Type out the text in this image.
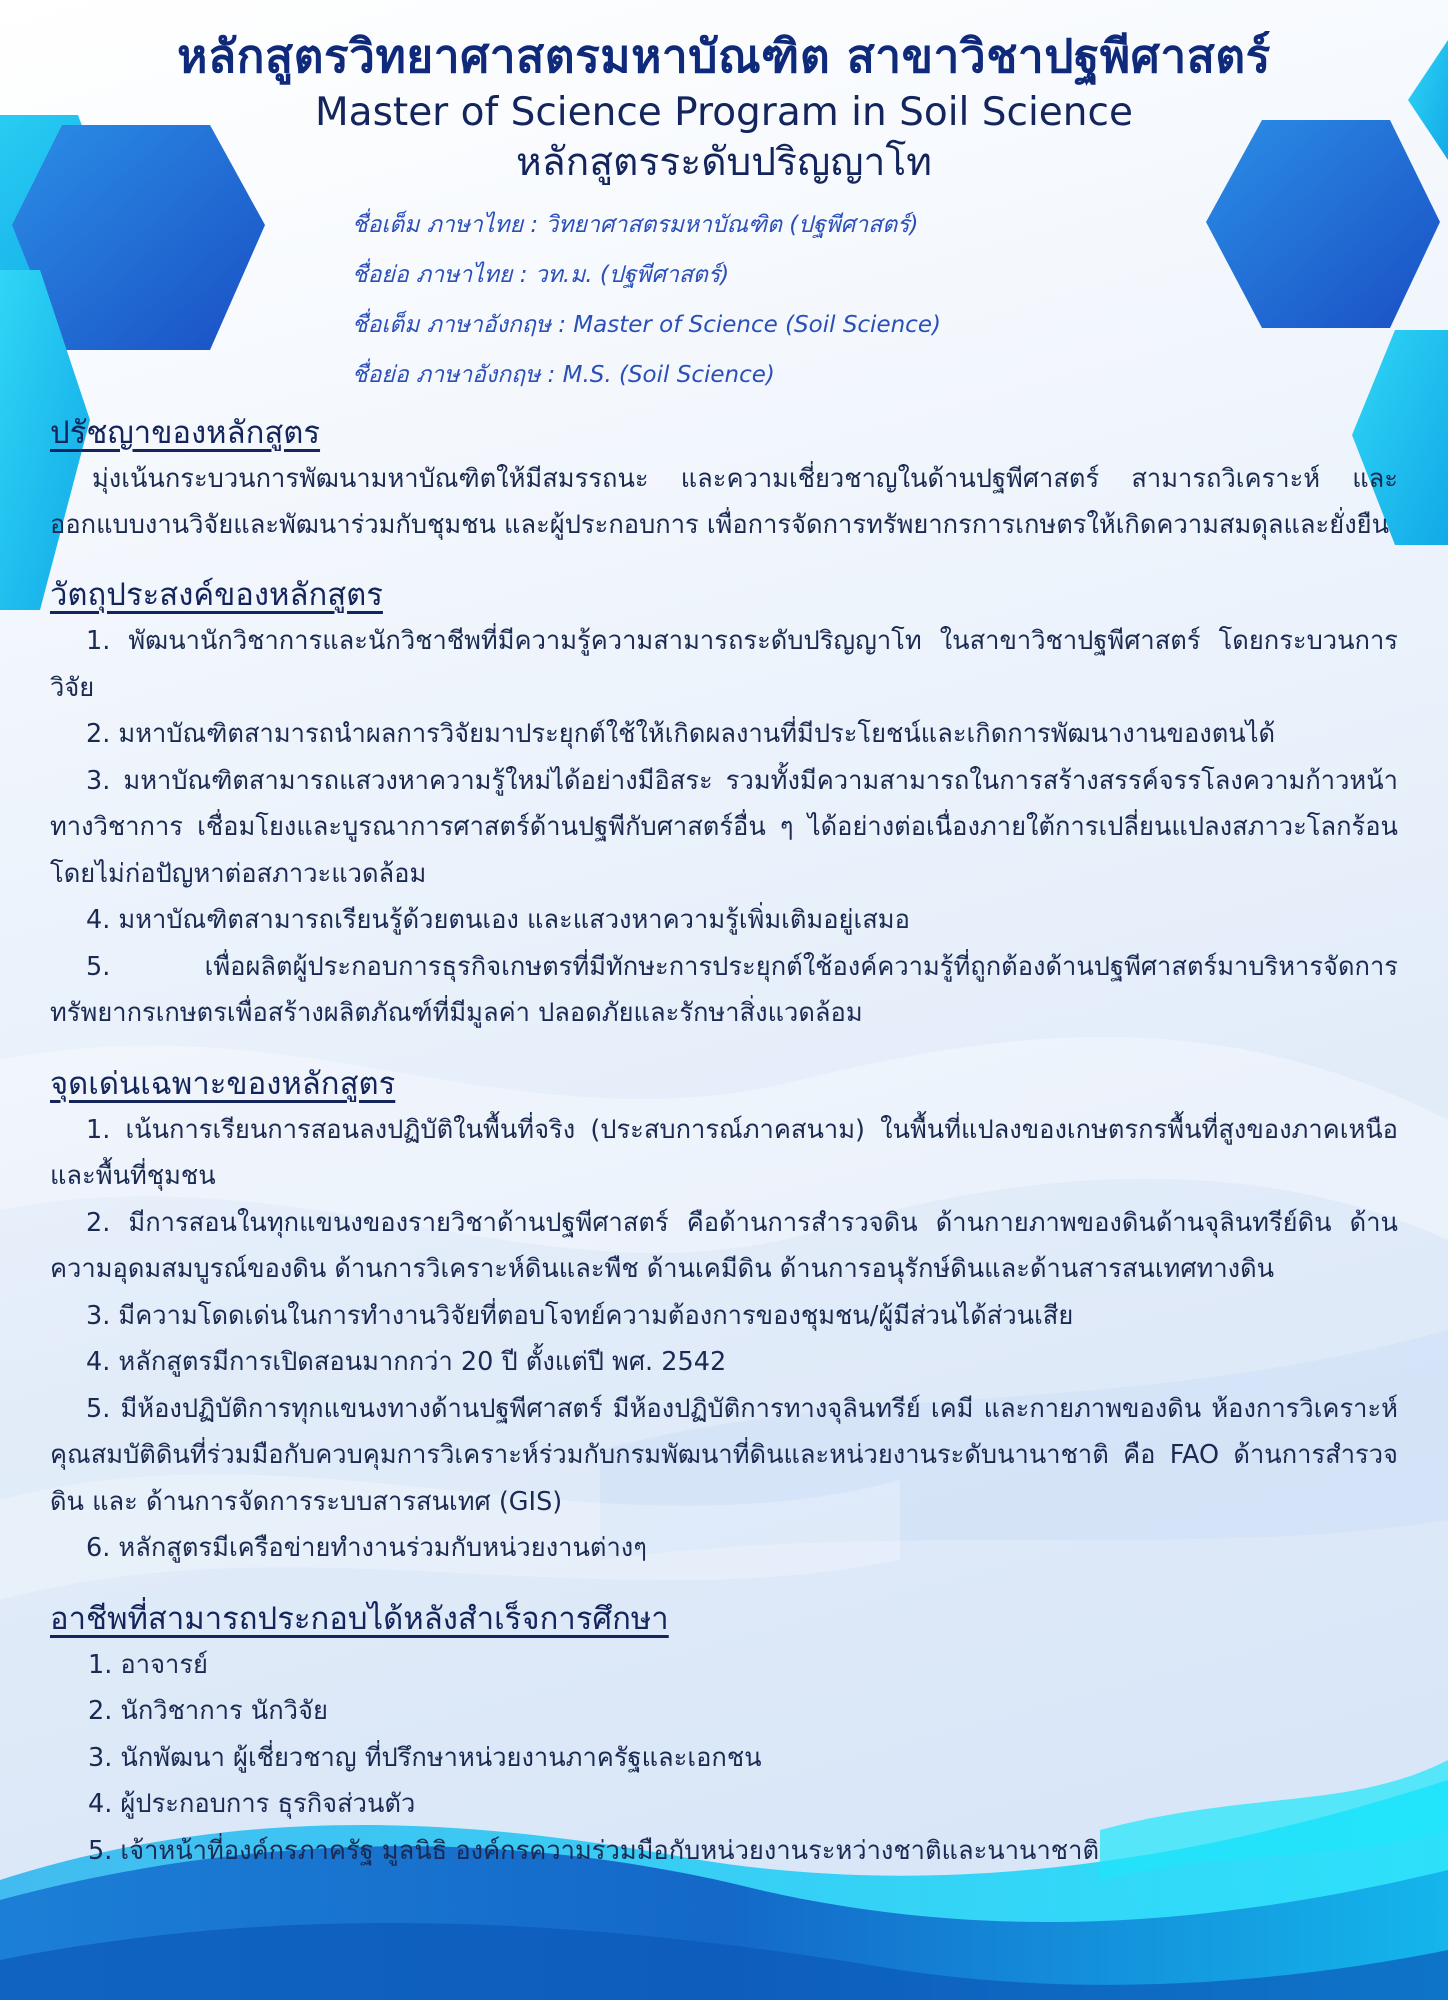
หลักสูตรวิทยาศาสตรมหาบัณฑิต สาขาวิชาปฐพีศาสตร์
Master of Science Program in Soil Science
หลักสูตรระดับปริญญาโท
ชื่อเต็ม ภาษาไทย : วิทยาศาสตรมหาบัณฑิต (ปฐพีศาสตร์)
ชื่อย่อ ภาษาไทย : วท.ม. (ปฐพีศาสตร์)
ชื่อเต็ม ภาษาอังกฤษ : Master of Science (Soil Science)
ชื่อย่อ ภาษาอังกฤษ : M.S. (Soil Science)
ปรัชญาของหลักสูตร
มุ่งเน้นกระบวนการพัฒนามหาบัณฑิตให้มีสมรรถนะ และความเชี่ยวชาญในด้านปฐพีศาสตร์ สามารถวิเคราะห์ และออกแบบงานวิจัยและพัฒนาร่วมกับชุมชน และผู้ประกอบการ เพื่อการจัดการทรัพยากรการเกษตรให้เกิดความสมดุลและยั่งยืน
วัตถุประสงค์ของหลักสูตร
1. พัฒนานักวิชาการและนักวิชาชีพที่มีความรู้ความสามารถระดับปริญญาโท ในสาขาวิชาปฐพีศาสตร์ โดยกระบวนการวิจัย
2. มหาบัณฑิตสามารถนำผลการวิจัยมาประยุกต์ใช้ให้เกิดผลงานที่มีประโยชน์และเกิดการพัฒนางานของตนได้
3. มหาบัณฑิตสามารถแสวงหาความรู้ใหม่ได้อย่างมีอิสระ รวมทั้งมีความสามารถในการสร้างสรรค์จรรโลงความก้าวหน้าทางวิชาการ เชื่อมโยงและบูรณาการศาสตร์ด้านปฐพีกับศาสตร์อื่น ๆ ได้อย่างต่อเนื่องภายใต้การเปลี่ยนแปลงสภาวะโลกร้อน โดยไม่ก่อปัญหาต่อสภาวะแวดล้อม
4. มหาบัณฑิตสามารถเรียนรู้ด้วยตนเอง และแสวงหาความรู้เพิ่มเติมอยู่เสมอ
5. เพื่อผลิตผู้ประกอบการธุรกิจเกษตรที่มีทักษะการประยุกต์ใช้องค์ความรู้ที่ถูกต้องด้านปฐพีศาสตร์มาบริหารจัดการทรัพยากรเกษตรเพื่อสร้างผลิตภัณฑ์ที่มีมูลค่า ปลอดภัยและรักษาสิ่งแวดล้อม
จุดเด่นเฉพาะของหลักสูตร
1. เน้นการเรียนการสอนลงปฏิบัติในพื้นที่จริง (ประสบการณ์ภาคสนาม) ในพื้นที่แปลงของเกษตรกรพื้นที่สูงของภาคเหนือ และพื้นที่ชุมชน
2. มีการสอนในทุกแขนงของรายวิชาด้านปฐพีศาสตร์ คือด้านการสำรวจดิน ด้านกายภาพของดินด้านจุลินทรีย์ดิน ด้านความอุดมสมบูรณ์ของดิน ด้านการวิเคราะห์ดินและพืช ด้านเคมีดิน ด้านการอนุรักษ์ดินและด้านสารสนเทศทางดิน
3. มีความโดดเด่นในการทำงานวิจัยที่ตอบโจทย์ความต้องการของชุมชน/ผู้มีส่วนได้ส่วนเสีย
4. หลักสูตรมีการเปิดสอนมากกว่า 20 ปี ตั้งแต่ปี พศ. 2542
5. มีห้องปฏิบัติการทุกแขนงทางด้านปฐพีศาสตร์ มีห้องปฏิบัติการทางจุลินทรีย์ เคมี และกายภาพของดิน ห้องการวิเคราะห์คุณสมบัติดินที่ร่วมมือกับควบคุมการวิเคราะห์ร่วมกับกรมพัฒนาที่ดินและหน่วยงานระดับนานาชาติ คือ FAO ด้านการสำรวจดิน และ ด้านการจัดการระบบสารสนเทศ (GIS)
6. หลักสูตรมีเครือข่ายทำงานร่วมกับหน่วยงานต่างๆ
อาชีพที่สามารถประกอบได้หลังสำเร็จการศึกษา
1. อาจารย์
2. นักวิชาการ นักวิจัย
3. นักพัฒนา ผู้เชี่ยวชาญ ที่ปรึกษาหน่วยงานภาครัฐและเอกชน
4. ผู้ประกอบการ ธุรกิจส่วนตัว
5. เจ้าหน้าที่องค์กรภาครัฐ มูลนิธิ องค์กรความร่วมมือกับหน่วยงานระหว่างชาติและนานาชาติ
